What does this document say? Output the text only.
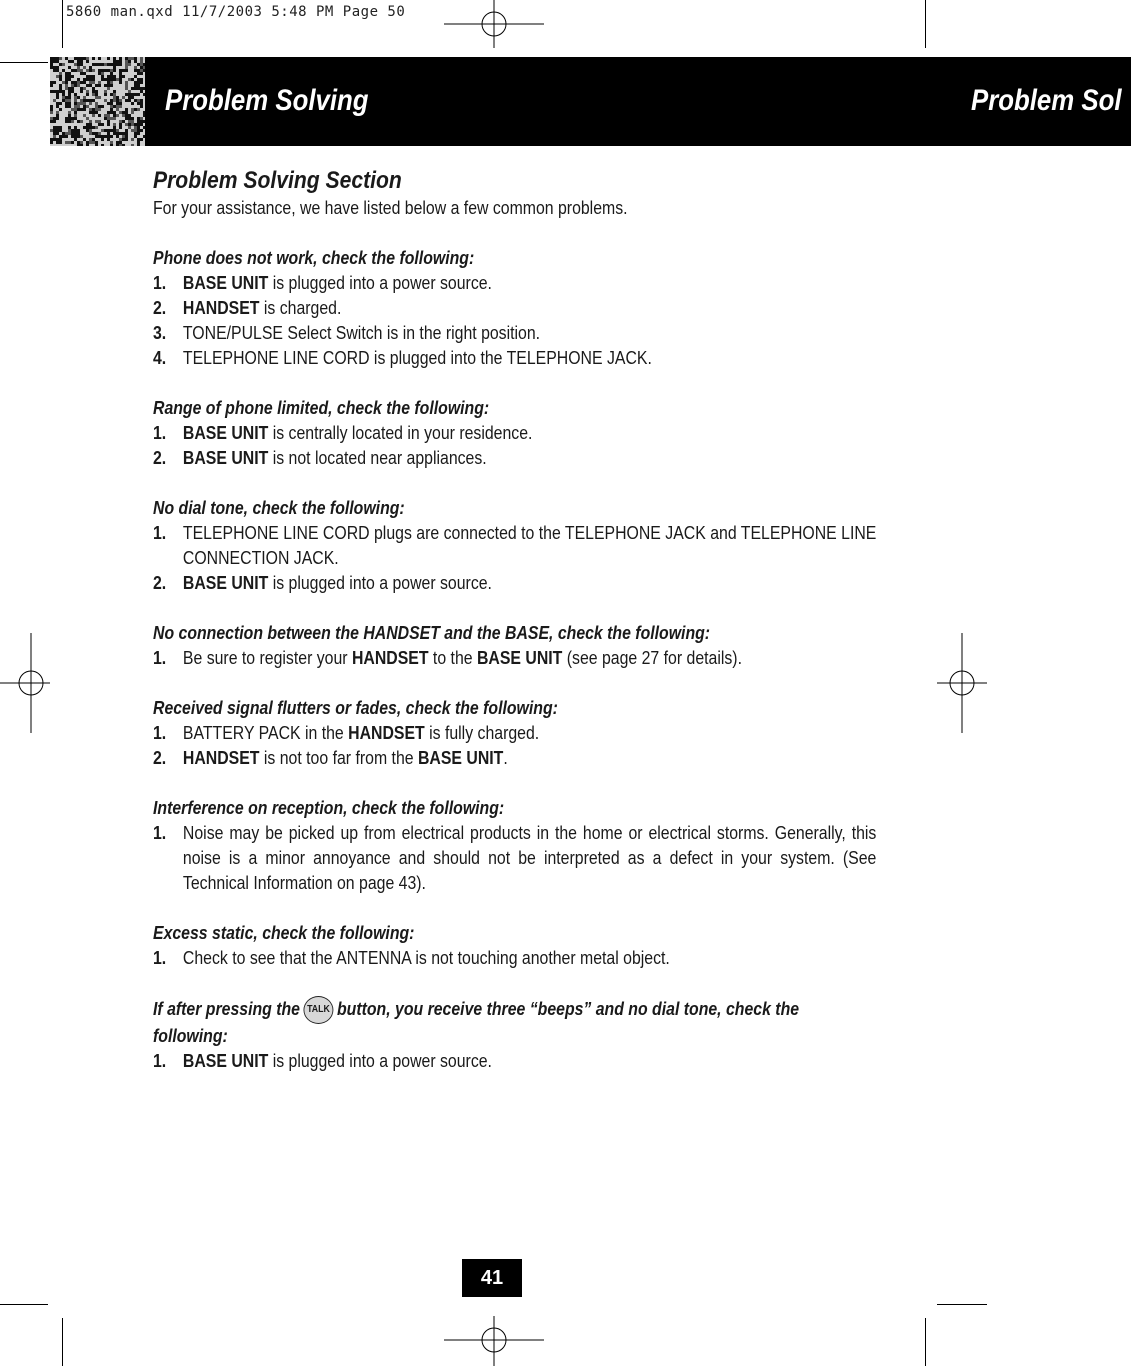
5860 man.qxd 11/7/2003 5:48 PM Page 50
Problem Solving	Problem Sol
Problem Solving Section
For your assistance, we have listed below a few common problems.
Phone does not work, check the following:
1. BASE UNIT is plugged into a power source.
2. HANDSET is charged.
3. TONE/PULSE Select Switch is in the right position.
4. TELEPHONE LINE CORD is plugged into the TELEPHONE JACK.
Range of phone limited, check the following:
1. BASE UNIT is centrally located in your residence.
2. BASE UNIT is not located near appliances.
No dial tone, check the following:
1. TELEPHONE LINE CORD plugs are connected to the TELEPHONE JACK and TELEPHONE LINE CONNECTION JACK.
2. BASE UNIT is plugged into a power source.
No connection between the HANDSET and the BASE, check the following:
1. Be sure to register your HANDSET to the BASE UNIT (see page 27 for details).
Received signal flutters or fades, check the following:
1. BATTERY PACK in the HANDSET is fully charged.
2. HANDSET is not too far from the BASE UNIT.
Interference on reception, check the following:
1. Noise may be picked up from electrical products in the home or electrical storms. Generally, this noise is a minor annoyance and should not be interpreted as a defect in your system. (See Technical Information on page 43).
Excess static, check the following:
1. Check to see that the ANTENNA is not touching another metal object.
If after pressing the TALK button, you receive three “beeps” and no dial tone, check the following:
1. BASE UNIT is plugged into a power source.
41
